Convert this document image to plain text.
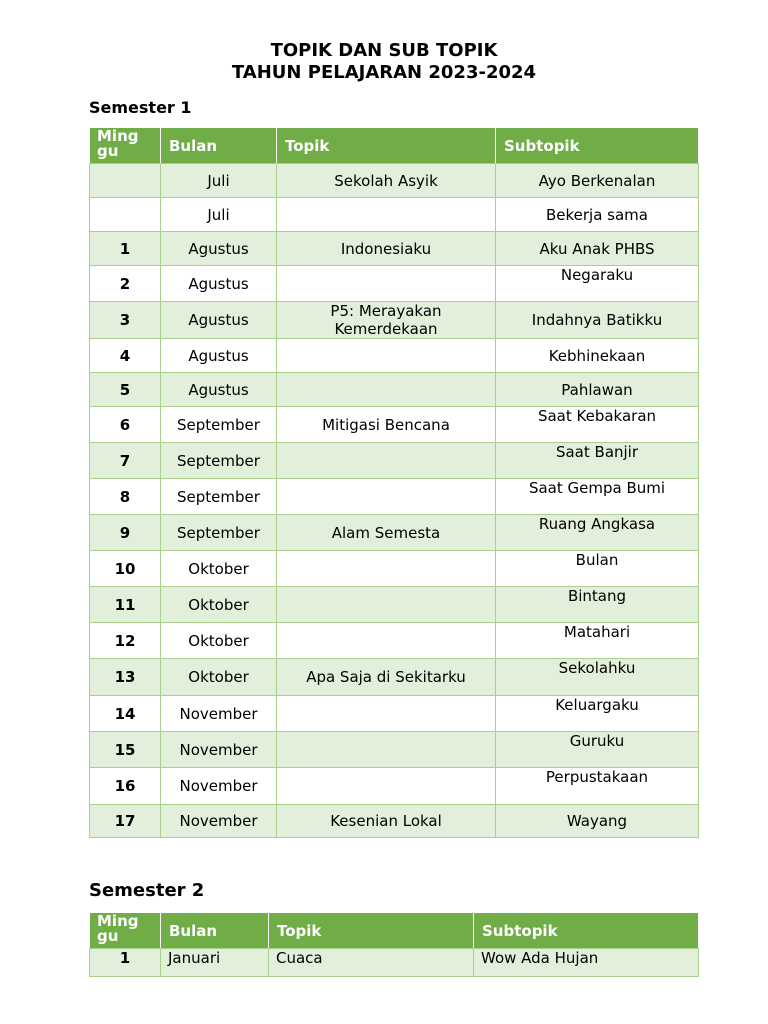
TOPIK DAN SUB TOPIK
TAHUN PELAJARAN 2023-2024
Semester 1
Ming gu	Bulan	Topik	Subtopik
	Juli	Sekolah Asyik	Ayo Berkenalan
	Juli		Bekerja sama
1	Agustus	Indonesiaku	Aku Anak PHBS
2	Agustus		Negaraku
3	Agustus	P5: Merayakan Kemerdekaan	Indahnya Batikku
4	Agustus		Kebhinekaan
5	Agustus		Pahlawan
6	September	Mitigasi Bencana	Saat Kebakaran
7	September		Saat Banjir
8	September		Saat Gempa Bumi
9	September	Alam Semesta	Ruang Angkasa
10	Oktober		Bulan
11	Oktober		Bintang
12	Oktober		Matahari
13	Oktober	Apa Saja di Sekitarku	Sekolahku
14	November		Keluargaku
15	November		Guruku
16	November		Perpustakaan
17	November	Kesenian Lokal	Wayang
Semester 2
Ming gu	Bulan	Topik	Subtopik
1	Januari	Cuaca	Wow Ada Hujan
